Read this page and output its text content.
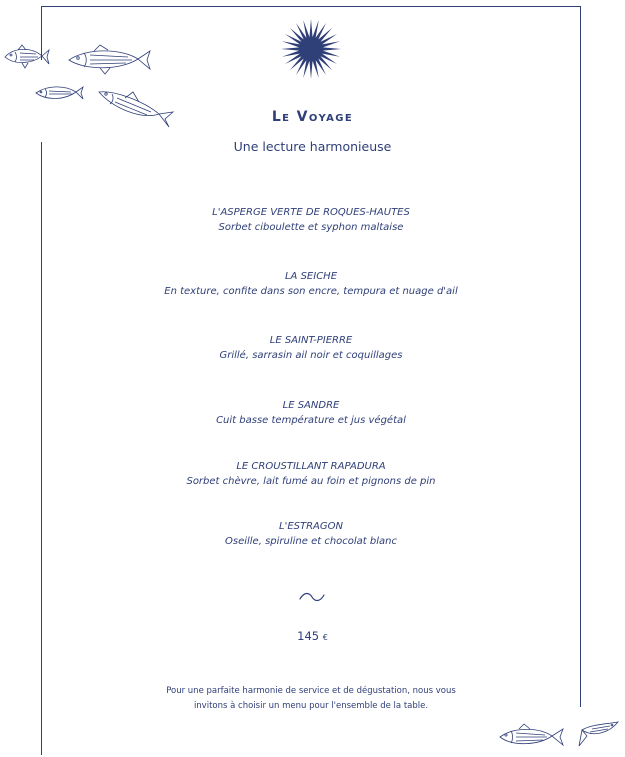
Le Voyage
Une lecture harmonieuse
L'ASPERGE VERTE DE ROQUES-HAUTES
Sorbet ciboulette et syphon maltaise
LA SEICHE
En texture, confite dans son encre, tempura et nuage d'ail
LE SAINT-PIERRE
Grillé, sarrasin ail noir et coquillages
LE SANDRE
Cuit basse température et jus végétal
LE CROUSTILLANT RAPADURA
Sorbet chèvre, lait fumé au foin et pignons de pin
L'ESTRAGON
Oseille, spiruline et chocolat blanc
145 €
Pour une parfaite harmonie de service et de dégustation, nous vous
invitons à choisir un menu pour l'ensemble de la table.
